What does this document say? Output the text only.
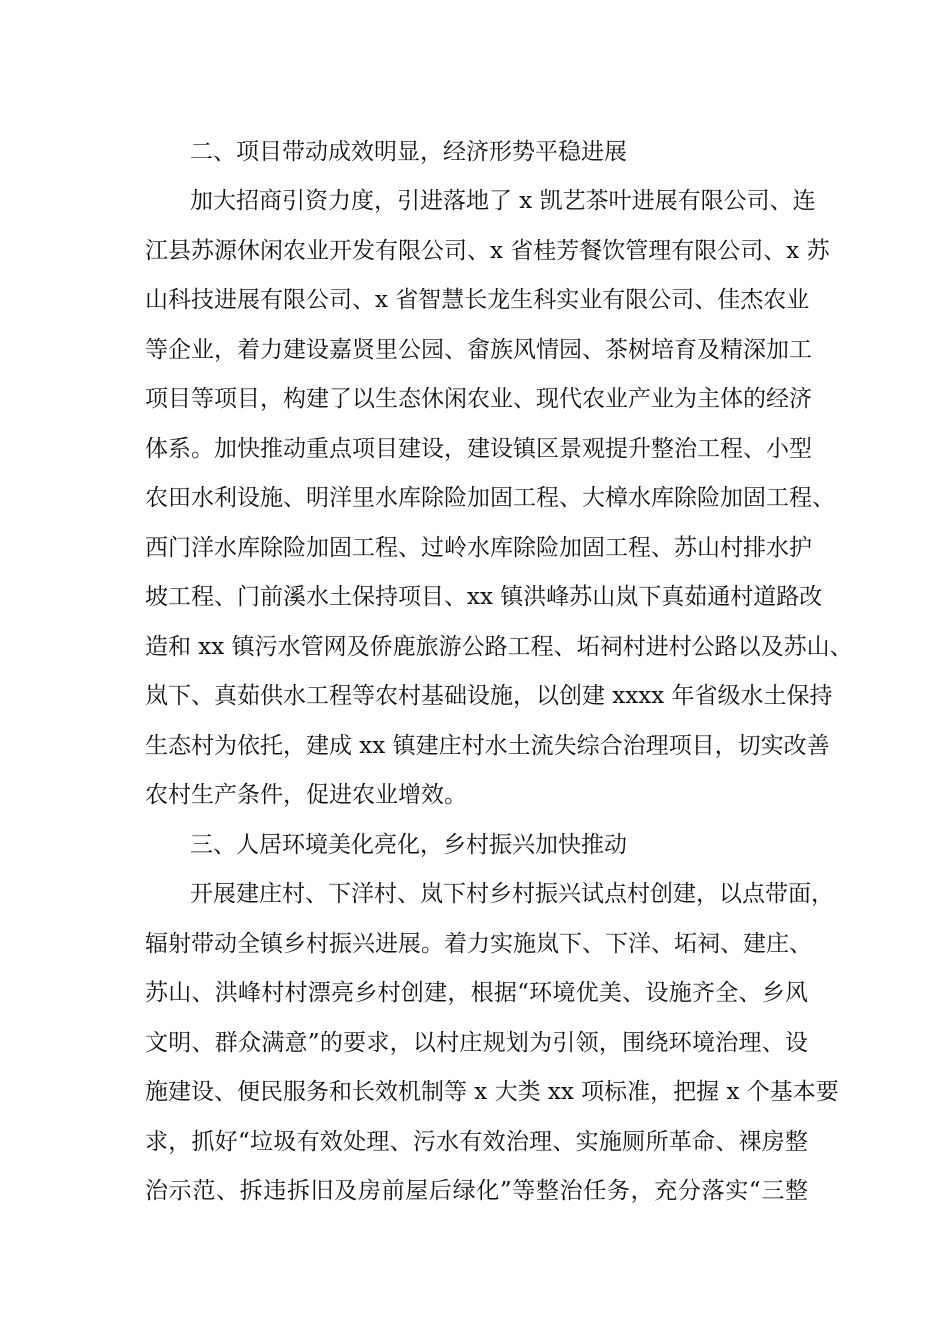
二、项目带动成效明显，经济形势平稳进展
加大招商引资力度，引进落地了 x 凯艺茶叶进展有限公司、连
江县苏源休闲农业开发有限公司、x 省桂芳餐饮管理有限公司、x 苏
山科技进展有限公司、x 省智慧长龙生科实业有限公司、佳杰农业
等企业，着力建设嘉贤里公园、畲族风情园、茶树培育及精深加工
项目等项目，构建了以生态休闲农业、现代农业产业为主体的经济
体系。加快推动重点项目建设，建设镇区景观提升整治工程、小型
农田水利设施、明洋里水库除险加固工程、大樟水库除险加固工程、
西门洋水库除险加固工程、过岭水库除险加固工程、苏山村排水护
坡工程、门前溪水土保持项目、xx 镇洪峰苏山岚下真茹通村道路改
造和 xx 镇污水管网及侨鹿旅游公路工程、坧祠村进村公路以及苏山、
岚下、真茹供水工程等农村基础设施，以创建 xxxx 年省级水土保持
生态村为依托，建成 xx 镇建庄村水土流失综合治理项目，切实改善
农村生产条件，促进农业增效。
三、人居环境美化亮化，乡村振兴加快推动
开展建庄村、下洋村、岚下村乡村振兴试点村创建，以点带面，
辐射带动全镇乡村振兴进展。着力实施岚下、下洋、坧祠、建庄、
苏山、洪峰村村漂亮乡村创建，根据“环境优美、设施齐全、乡风
文明、群众满意”的要求，以村庄规划为引领，围绕环境治理、设
施建设、便民服务和长效机制等 x 大类 xx 项标准，把握 x 个基本要
求，抓好“垃圾有效处理、污水有效治理、实施厕所革命、裸房整
治示范、拆违拆旧及房前屋后绿化”等整治任务，充分落实“三整
